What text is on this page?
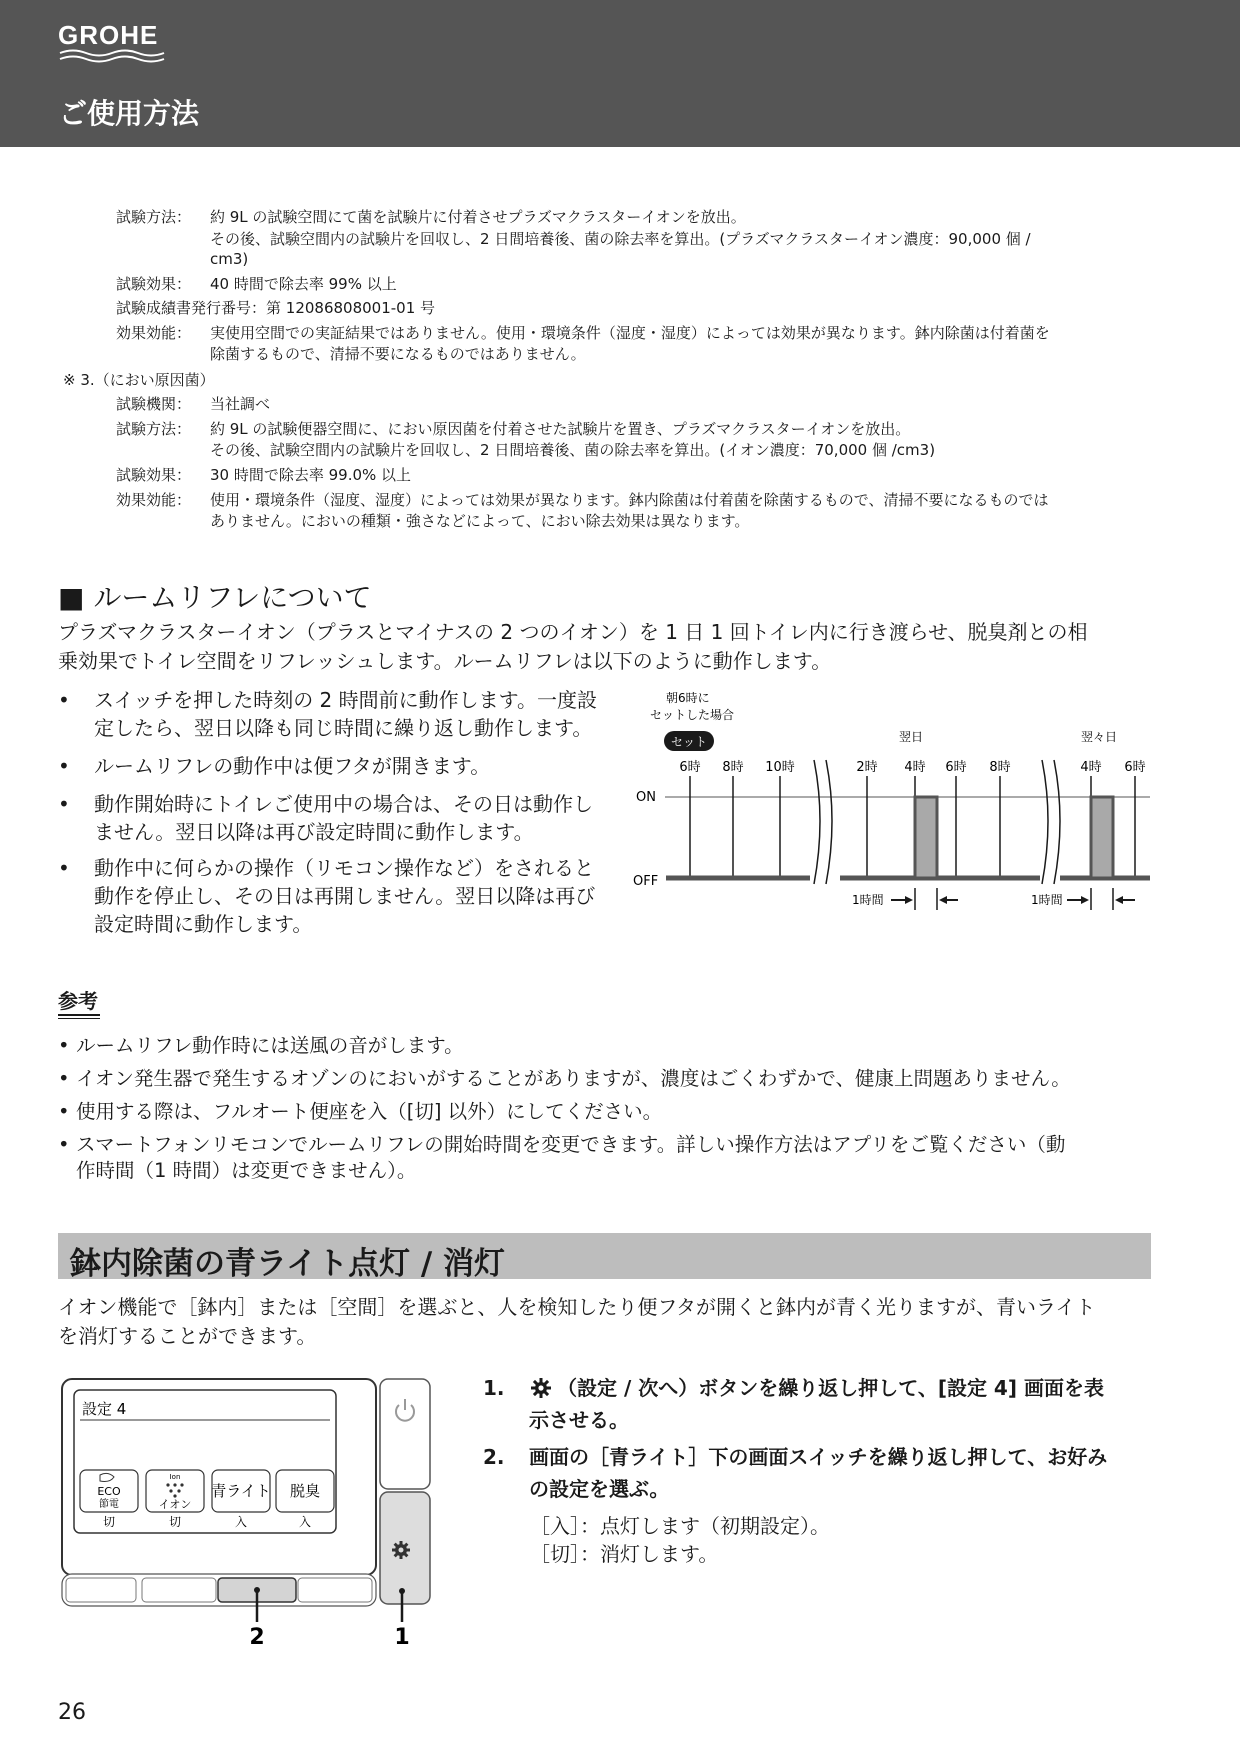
GROHE
ご使用方法
試験方法：	約 9L の試験空間にて菌を試験片に付着させプラズマクラスターイオンを放出。
その後、試験空間内の試験片を回収し、2 日間培養後、菌の除去率を算出。(プラズマクラスターイオン濃度：90,000 個 /
cm3)
試験効果：	40 時間で除去率 99% 以上
試験成績書発行番号：第 12086808001-01 号
効果効能：	実使用空間での実証結果ではありません。使用・環境条件（湿度・湿度）によっては効果が異なります。鉢内除菌は付着菌を
除菌するもので、清掃不要になるものではありません。
※ 3.（におい原因菌）
試験機関：	当社調べ
試験方法：	約 9L の試験便器空間に、におい原因菌を付着させた試験片を置き、プラズマクラスターイオンを放出。
その後、試験空間内の試験片を回収し、2 日間培養後、菌の除去率を算出。(イオン濃度：70,000 個 /cm3)
試験効果：	30 時間で除去率 99.0% 以上
効果効能：	使用・環境条件（湿度、湿度）によっては効果が異なります。鉢内除菌は付着菌を除菌するもので、清掃不要になるものでは
ありません。においの種類・強さなどによって、におい除去効果は異なります。
■ ルームリフレについて
プラズマクラスターイオン（プラスとマイナスの 2 つのイオン）を 1 日 1 回トイレ内に行き渡らせ、脱臭剤との相
乗効果でトイレ空間をリフレッシュします。ルームリフレは以下のように動作します。
• スイッチを押した時刻の 2 時間前に動作します。一度設
定したら、翌日以降も同じ時間に繰り返し動作します。
• ルームリフレの動作中は便フタが開きます。
• 動作開始時にトイレご使用中の場合は、その日は動作し
ません。翌日以降は再び設定時間に動作します。
• 動作中に何らかの操作（リモコン操作など）をされると
動作を停止し、その日は再開しません。翌日以降は再び
設定時間に動作します。
朝6時に
セットした場合
セット	翌日	翌々日
6時 8時 10時	2時 4時 6時 8時	4時 6時
ON
OFF
1時間	1時間
参考
• ルームリフレ動作時には送風の音がします。
• イオン発生器で発生するオゾンのにおいがすることがありますが、濃度はごくわずかで、健康上問題ありません。
• 使用する際は、フルオート便座を入（[切] 以外）にしてください。
• スマートフォンリモコンでルームリフレの開始時間を変更できます。詳しい操作方法はアプリをご覧ください（動
作時間（1 時間）は変更できません）。
鉢内除菌の青ライト点灯 / 消灯
イオン機能で［鉢内］または［空間］を選ぶと、人を検知したり便フタが開くと鉢内が青く光りますが、青いライト
を消灯することができます。
設定 4
ECO
節電
Ion
イオン
青ライト 脱臭
切	切	入	入
2	1
1.	（設定 / 次へ）ボタンを繰り返し押して、[設定 4] 画面を表
示させる。
2. 画面の［青ライト］下の画面スイッチを繰り返し押して、お好み
の設定を選ぶ。
［入］：点灯します（初期設定）。
［切］：消灯します。
26
